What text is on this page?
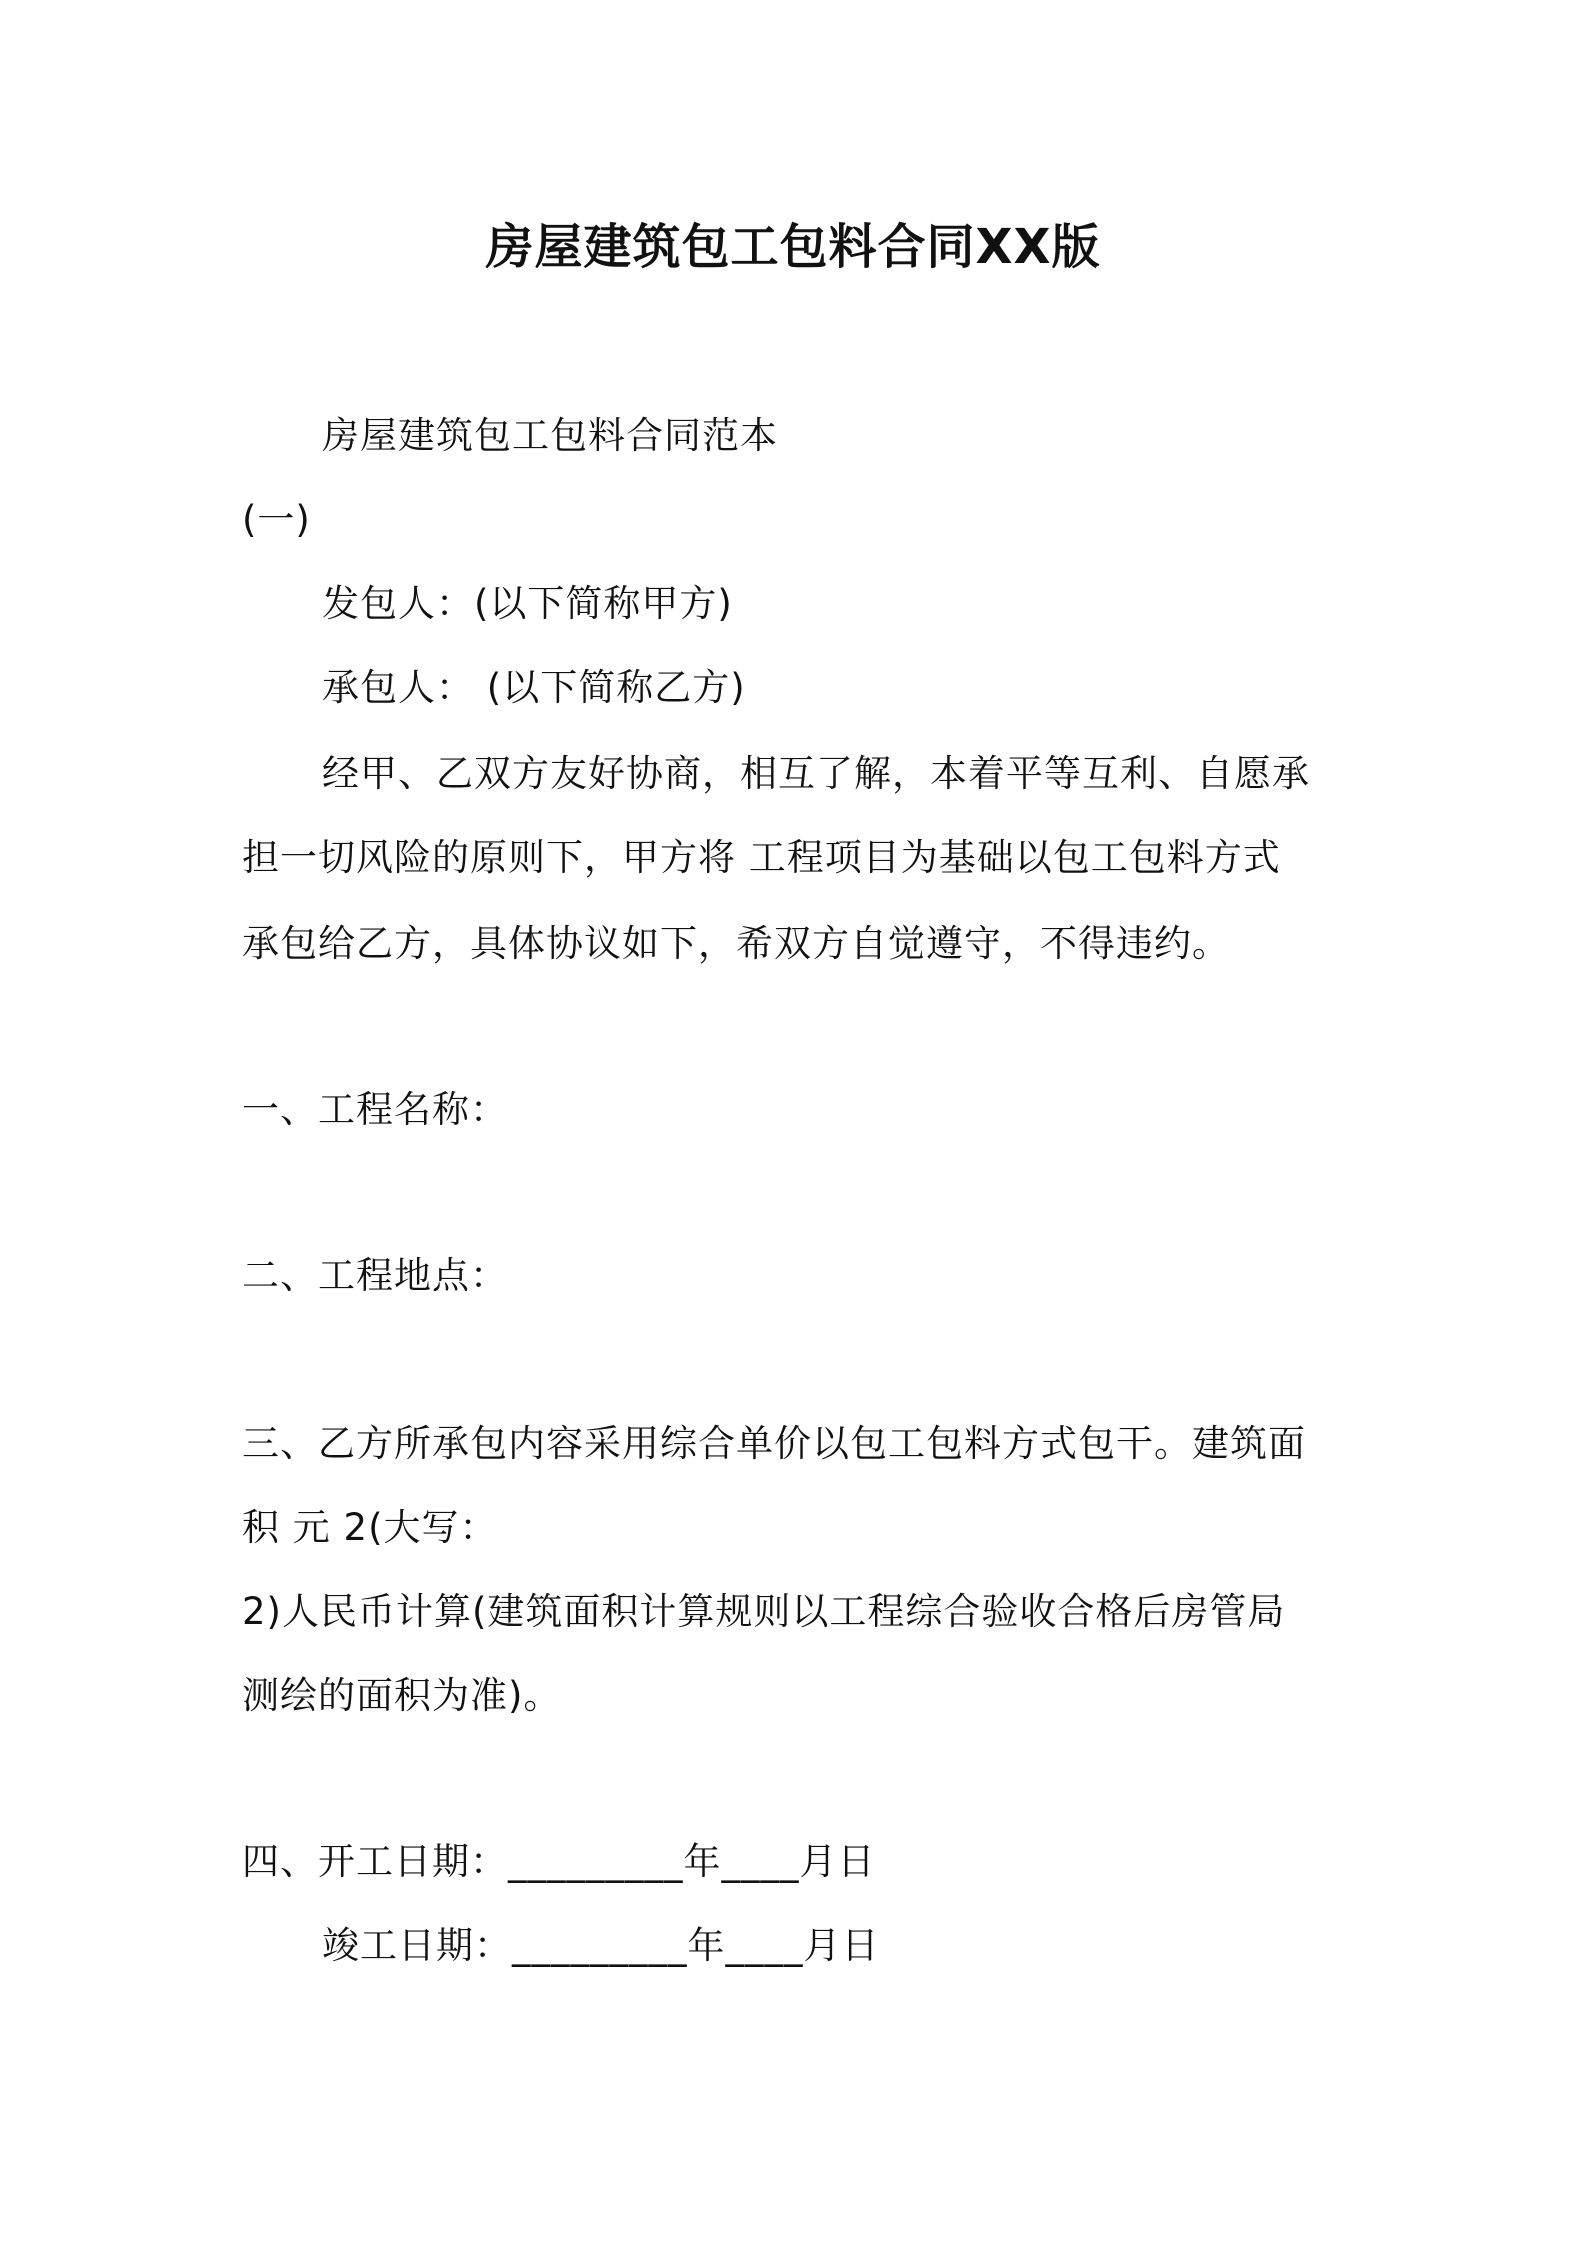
房屋建筑包工包料合同XX版
房屋建筑包工包料合同范本
(一)
发包人：(以下简称甲方)
承包人： (以下简称乙方)
经甲、乙双方友好协商，相互了解，本着平等互利、自愿承
担一切风险的原则下，甲方将 工程项目为基础以包工包料方式
承包给乙方，具体协议如下，希双方自觉遵守，不得违约。
一、工程名称：
二、工程地点：
三、乙方所承包内容采用综合单价以包工包料方式包干。建筑面
积 元 2(大写：
2)人民币计算(建筑面积计算规则以工程综合验收合格后房管局
测绘的面积为准)。
四、开工日期：_________年____月日
竣工日期：_________年____月日
